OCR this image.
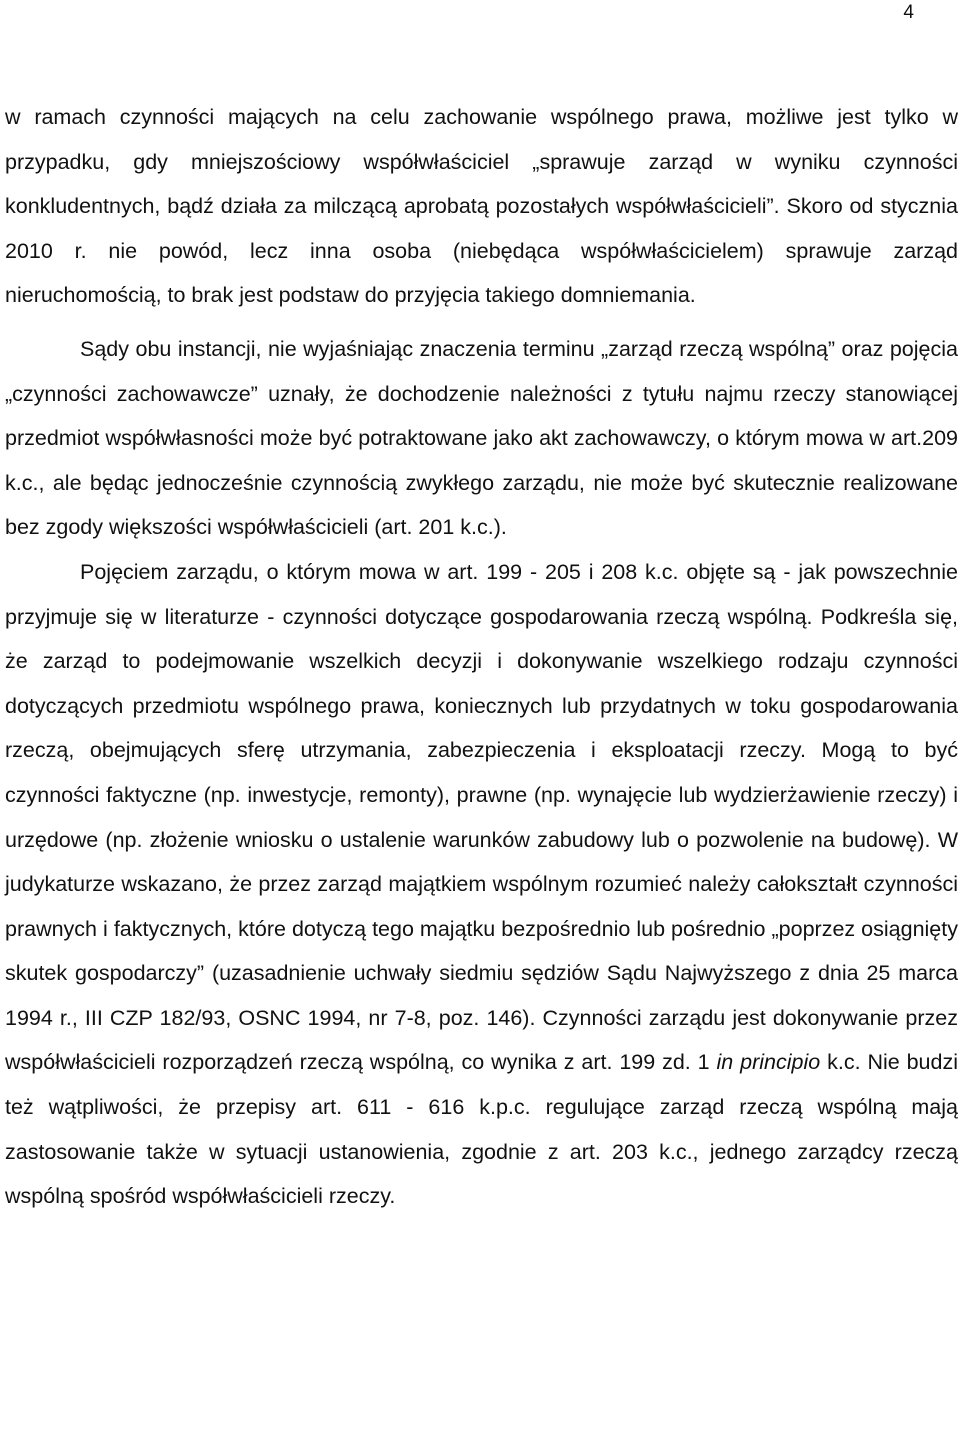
4

w ramach czynności mających na celu zachowanie wspólnego prawa, możliwe jest tylko w przypadku, gdy mniejszościowy współwłaściciel „sprawuje zarząd w wyniku czynności konkludentnych, bądź działa za milczącą aprobatą pozostałych współwłaścicieli”. Skoro od stycznia 2010 r. nie powód, lecz inna osoba (niebędąca współwłaścicielem) sprawuje zarząd nieruchomością, to brak jest podstaw do przyjęcia takiego domniemania.

Sądy obu instancji, nie wyjaśniając znaczenia terminu „zarząd rzeczą wspólną” oraz pojęcia „czynności zachowawcze” uznały, że dochodzenie należności z tytułu najmu rzeczy stanowiącej przedmiot współwłasności może być potraktowane jako akt zachowawczy, o którym mowa w art.209 k.c., ale będąc jednocześnie czynnością zwykłego zarządu, nie może być skutecznie realizowane bez zgody większości współwłaścicieli (art. 201 k.c.).

Pojęciem zarządu, o którym mowa w art. 199 - 205 i 208 k.c. objęte są - jak powszechnie przyjmuje się w literaturze - czynności dotyczące gospodarowania rzeczą wspólną. Podkreśla się, że zarząd to podejmowanie wszelkich decyzji i dokonywanie wszelkiego rodzaju czynności dotyczących przedmiotu wspólnego prawa, koniecznych lub przydatnych w toku gospodarowania rzeczą, obejmujących sferę utrzymania, zabezpieczenia i eksploatacji rzeczy. Mogą to być czynności faktyczne (np. inwestycje, remonty), prawne (np. wynajęcie lub wydzierżawienie rzeczy) i urzędowe (np. złożenie wniosku o ustalenie warunków zabudowy lub o pozwolenie na budowę). W judykaturze wskazano, że przez zarząd majątkiem wspólnym rozumieć należy całokształt czynności prawnych i faktycznych, które dotyczą tego majątku bezpośrednio lub pośrednio „poprzez osiągnięty skutek gospodarczy” (uzasadnienie uchwały siedmiu sędziów Sądu Najwyższego z dnia 25 marca 1994 r., III CZP 182/93, OSNC 1994, nr 7-8, poz. 146). Czynności zarządu jest dokonywanie przez współwłaścicieli rozporządzeń rzeczą wspólną, co wynika z art. 199 zd. 1 in principio k.c. Nie budzi też wątpliwości, że przepisy art. 611 - 616 k.p.c. regulujące zarząd rzeczą wspólną mają zastosowanie także w sytuacji ustanowienia, zgodnie z art. 203 k.c., jednego zarządcy rzeczą wspólną spośród współwłaścicieli rzeczy.
